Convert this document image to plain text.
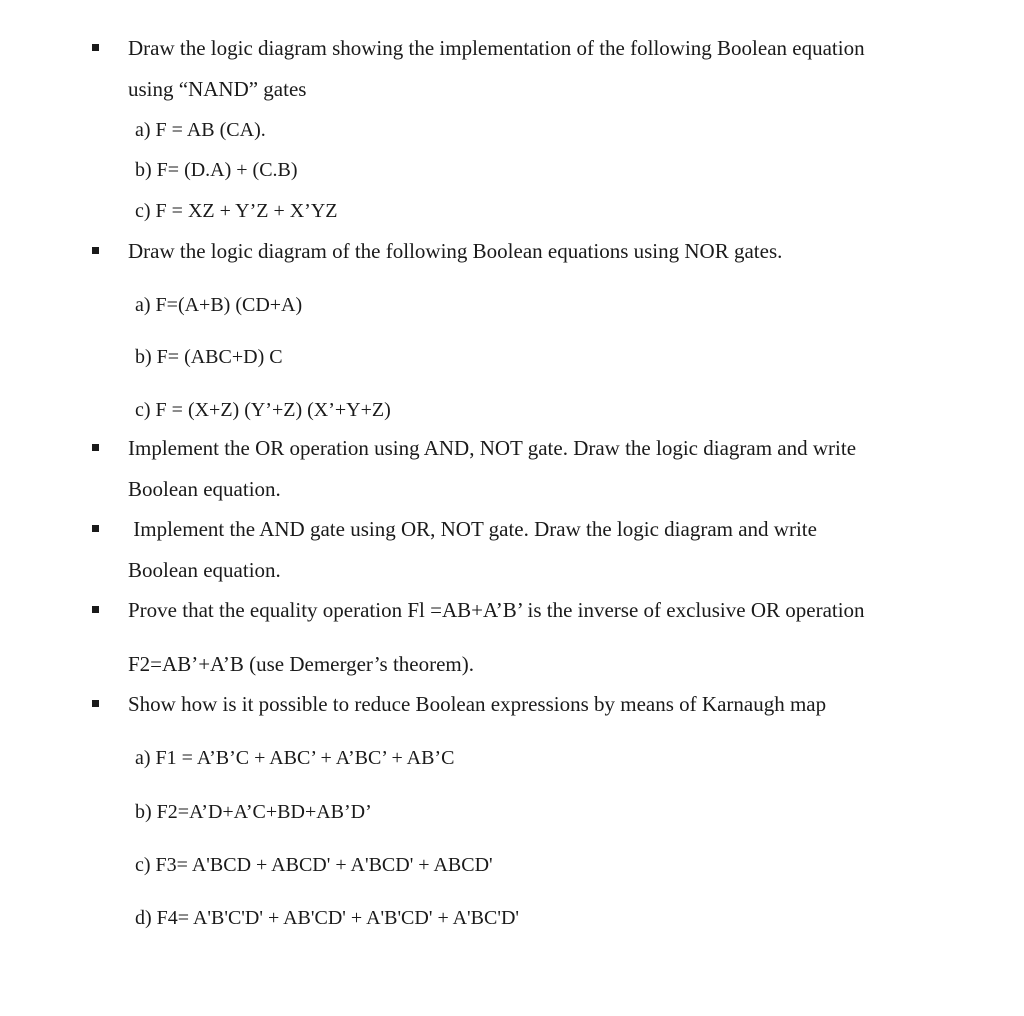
Draw the logic diagram showing the implementation of the following Boolean equation
using “NAND” gates
a) F = AB (CA).
b) F= (D.A) + (C.B)
c) F = XZ + Y’Z + X’YZ
Draw the logic diagram of the following Boolean equations using NOR gates.
a) F=(A+B) (CD+A)
b) F= (ABC+D) C
c) F = (X+Z) (Y’+Z) (X’+Y+Z)
Implement the OR operation using AND, NOT gate. Draw the logic diagram and write
Boolean equation.
Implement the AND gate using OR, NOT gate. Draw the logic diagram and write
Boolean equation.
Prove that the equality operation Fl =AB+A’B’ is the inverse of exclusive OR operation
F2=AB’+A’B (use Demerger’s theorem).
Show how is it possible to reduce Boolean expressions by means of Karnaugh map
a) F1 = A’B’C + ABC’ + A’BC’ + AB’C
b) F2=A’D+A’C+BD+AB’D’
c) F3= A'BCD + ABCD' + A'BCD' + ABCD'
d) F4= A'B'C'D' + AB'CD' + A'B'CD' + A'BC'D'
